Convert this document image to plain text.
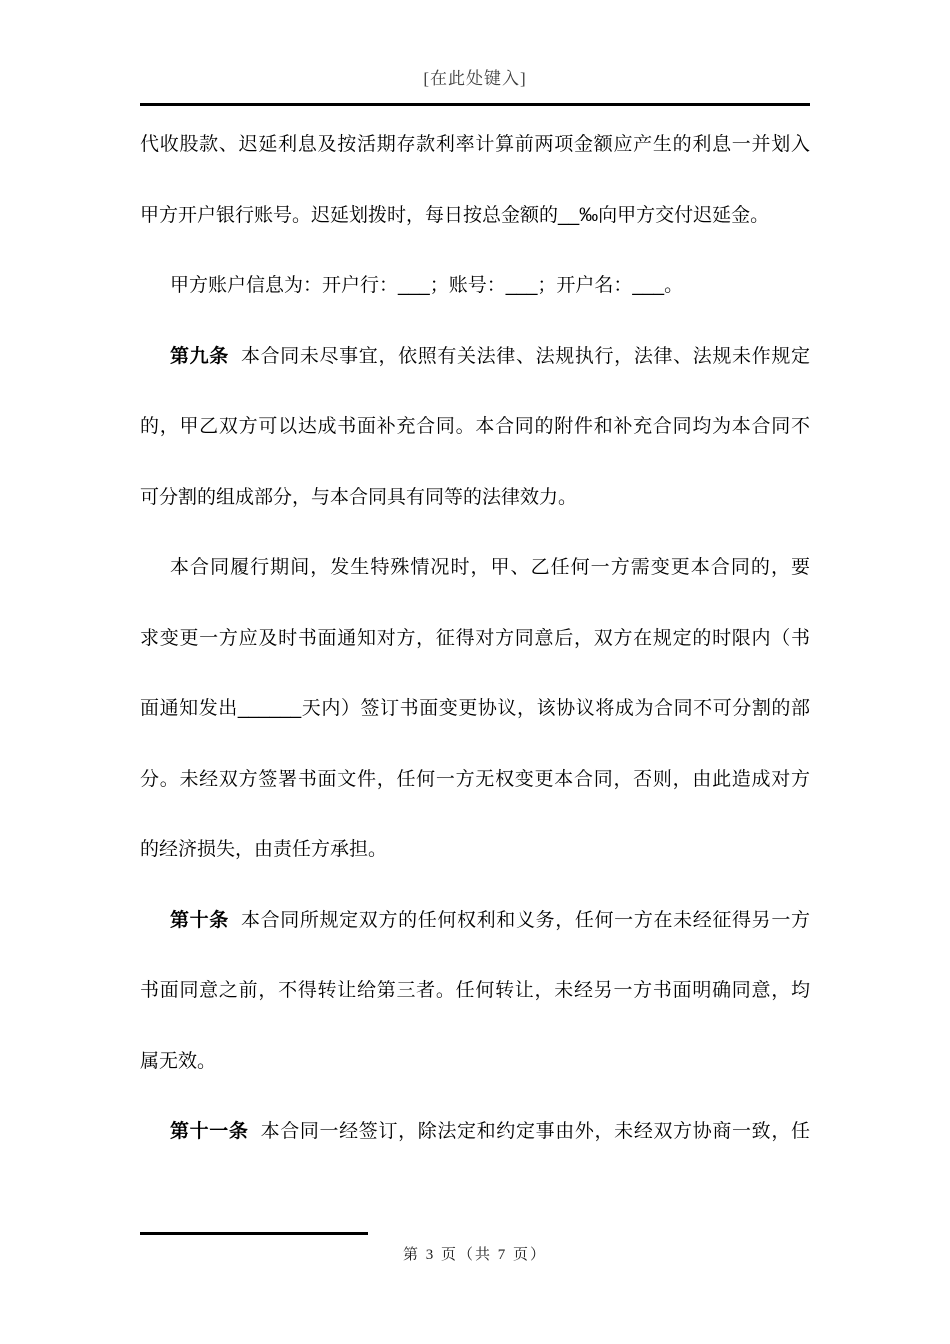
[在此处键入]
代收股款、迟延利息及按活期存款利率计算前两项金额应产生的利息一并划入
甲方开户银行账号。迟延划拨时，每日按总金额的__‰向甲方交付迟延金。
甲方账户信息为：开户行：___；账号：___；开户名：___。
第九条 本合同未尽事宜，依照有关法律、法规执行，法律、法规未作规定
的，甲乙双方可以达成书面补充合同。本合同的附件和补充合同均为本合同不
可分割的组成部分，与本合同具有同等的法律效力。
本合同履行期间，发生特殊情况时，甲、乙任何一方需变更本合同的，要
求变更一方应及时书面通知对方，征得对方同意后，双方在规定的时限内（书
面通知发出______天内）签订书面变更协议，该协议将成为合同不可分割的部
分。未经双方签署书面文件，任何一方无权变更本合同，否则，由此造成对方
的经济损失，由责任方承担。
第十条 本合同所规定双方的任何权利和义务，任何一方在未经征得另一方
书面同意之前，不得转让给第三者。任何转让，未经另一方书面明确同意，均
属无效。
第十一条 本合同一经签订，除法定和约定事由外，未经双方协商一致，任
第 3 页（共 7 页）
